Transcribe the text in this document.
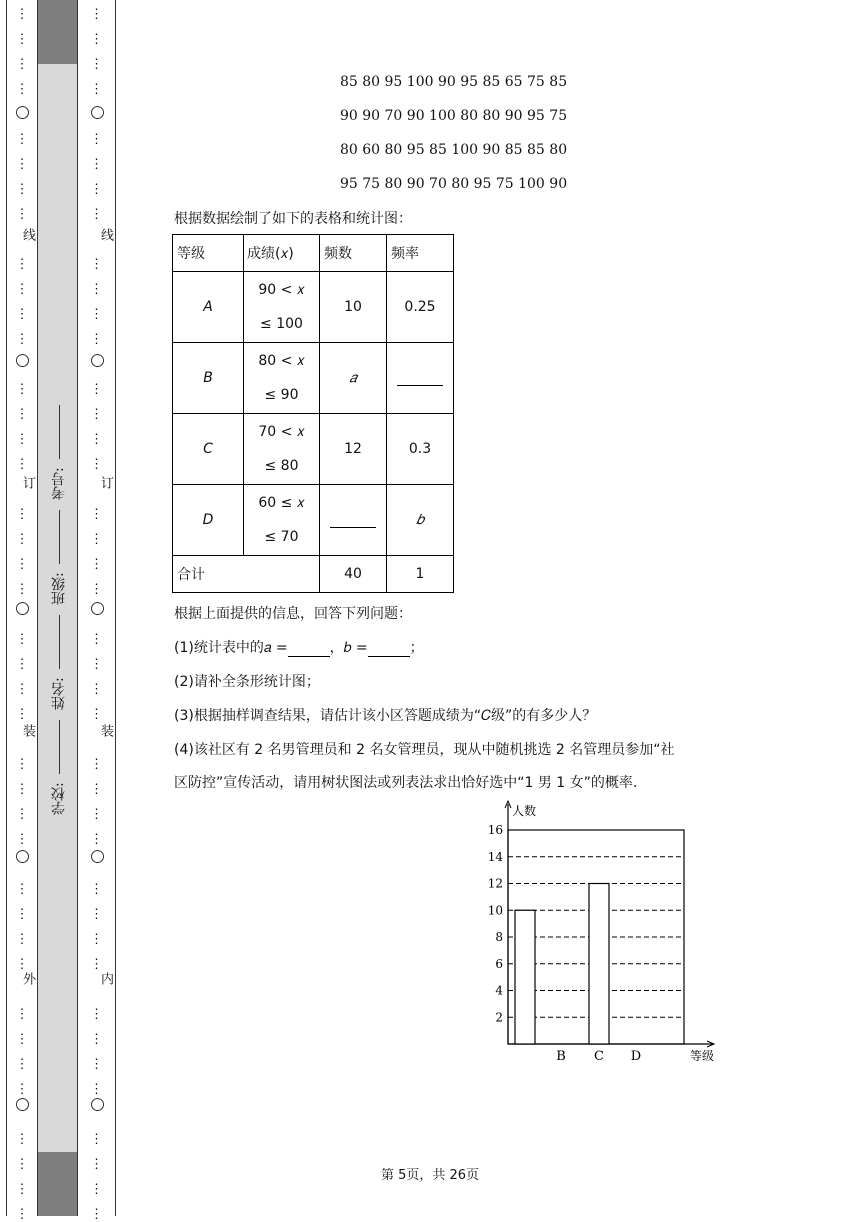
⋮
⋮
⋮
⋮
⋮
⋮
⋮
⋮
⋮
⋮
⋮
⋮
⋮
⋮
⋮
⋮
⋮
⋮
⋮
⋮
⋮
⋮
⋮
⋮
⋮
⋮
⋮
⋮
⋮
⋮
⋮
⋮
⋮
⋮
⋮
⋮
⋮
⋮
⋮
⋮
线
订
装
外
⋮
⋮
⋮
⋮
⋮
⋮
⋮
⋮
⋮
⋮
⋮
⋮
⋮
⋮
⋮
⋮
⋮
⋮
⋮
⋮
⋮
⋮
⋮
⋮
⋮
⋮
⋮
⋮
⋮
⋮
⋮
⋮
⋮
⋮
⋮
⋮
⋮
⋮
⋮
⋮
线
订
装
内
学校:
姓名:
班级:
考号:
85 80 95 100 90 95 85 65 75 85
90 90 70 90 100 80 80 90 95 75
80 60 80 95 85 100 90 85 85 80
95 75 80 90 70 80 95 75 100 90
根据数据绘制了如下的表格和统计图：
等级	成绩(𝑥)	频数	频率
A	90 < 𝑥
≤ 100	10	0.25
B	80 < 𝑥
≤ 90	𝑎	
C	70 < 𝑥
≤ 80	12	0.3
D	60 ≤ 𝑥
≤ 70		𝑏
合计		40	1
根据上面提供的信息，回答下列问题：
(1)统计表中的𝑎 =	，𝑏 =	；
(2)请补全条形统计图；
(3)根据抽样调查结果，请估计该小区答题成绩为“𝐶级”的有多少人？
(4)该社区有 2 名男管理员和 2 名女管理员，现从中随机挑选 2 名管理员参加“社
区防控”宣传活动，请用树状图法或列表法求出恰好选中“1 男 1 女”的概率.
2
4
6
8
10
12
14
16
人数
等级
B C D
第 5页，共 26页
